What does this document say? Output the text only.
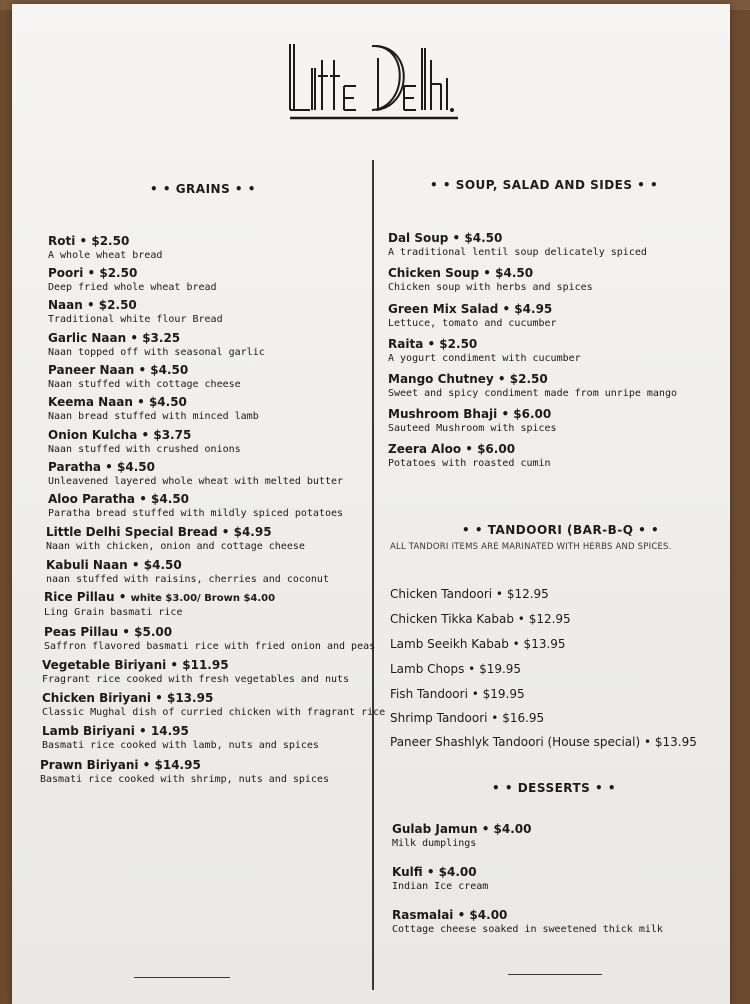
• • GRAINS • •
Roti • $2.50
A whole wheat bread
Poori • $2.50
Deep fried whole wheat bread
Naan • $2.50
Traditional white flour Bread
Garlic Naan • $3.25
Naan topped off with seasonal garlic
Paneer Naan • $4.50
Naan stuffed with cottage cheese
Keema Naan • $4.50
Naan bread stuffed with minced lamb
Onion Kulcha • $3.75
Naan stuffed with crushed onions
Paratha • $4.50
Unleavened layered whole wheat with melted butter
Aloo Paratha • $4.50
Paratha bread stuffed with mildly spiced potatoes
Little Delhi Special Bread • $4.95
Naan with chicken, onion and cottage cheese
Kabuli Naan • $4.50
naan stuffed with raisins, cherries and coconut
Rice Pillau • white $3.00/ Brown $4.00
Ling Grain basmati rice
Peas Pillau • $5.00
Saffron flavored basmati rice with fried onion and peas
Vegetable Biriyani • $11.95
Fragrant rice cooked with fresh vegetables and nuts
Chicken Biriyani • $13.95
Classic Mughal dish of curried chicken with fragrant rice
Lamb Biriyani • 14.95
Basmati rice cooked with lamb, nuts and spices
Prawn Biriyani • $14.95
Basmati rice cooked with shrimp, nuts and spices
• • SOUP, SALAD AND SIDES • •
Dal Soup • $4.50
A traditional lentil soup delicately spiced
Chicken Soup • $4.50
Chicken soup with herbs and spices
Green Mix Salad • $4.95
Lettuce, tomato and cucumber
Raita • $2.50
A yogurt condiment with cucumber
Mango Chutney • $2.50
Sweet and spicy condiment made from unripe mango
Mushroom Bhaji • $6.00
Sauteed Mushroom with spices
Zeera Aloo • $6.00
Potatoes with roasted cumin
• • TANDOORI (BAR-B-Q • •
ALL TANDORI ITEMS ARE MARINATED WITH HERBS AND SPICES.
Chicken Tandoori • $12.95
Chicken Tikka Kabab • $12.95
Lamb Seeikh Kabab • $13.95
Lamb Chops • $19.95
Fish Tandoori • $19.95
Shrimp Tandoori • $16.95
Paneer Shashlyk Tandoori (House special) • $13.95
• • DESSERTS • •
Gulab Jamun • $4.00
Milk dumplings
Kulfi • $4.00
Indian Ice cream
Rasmalai • $4.00
Cottage cheese soaked in sweetened thick milk
